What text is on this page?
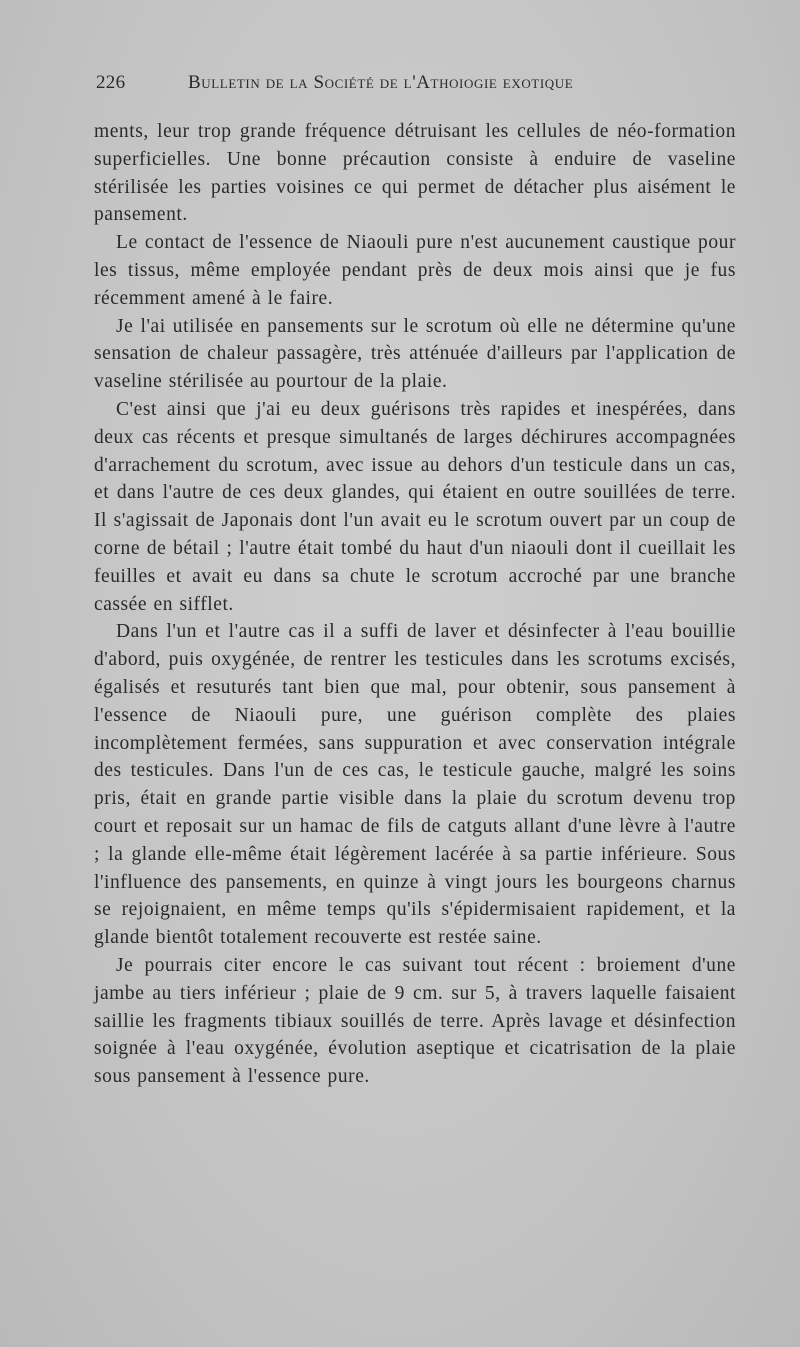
226	Bulletin de la Société de l'Athoiogie exotique

ments, leur trop grande fréquence détruisant les cellules de néo-formation superficielles. Une bonne précaution consiste à enduire de vaseline stérilisée les parties voisines ce qui permet de détacher plus aisément le pansement.

Le contact de l'essence de Niaouli pure n'est aucunement caustique pour les tissus, même employée pendant près de deux mois ainsi que je fus récemment amené à le faire.

Je l'ai utilisée en pansements sur le scrotum où elle ne détermine qu'une sensation de chaleur passagère, très atténuée d'ailleurs par l'application de vaseline stérilisée au pourtour de la plaie.

C'est ainsi que j'ai eu deux guérisons très rapides et inespérées, dans deux cas récents et presque simultanés de larges déchirures accompagnées d'arrachement du scrotum, avec issue au dehors d'un testicule dans un cas, et dans l'autre de ces deux glandes, qui étaient en outre souillées de terre. Il s'agissait de Japonais dont l'un avait eu le scrotum ouvert par un coup de corne de bétail ; l'autre était tombé du haut d'un niaouli dont il cueillait les feuilles et avait eu dans sa chute le scrotum accroché par une branche cassée en sifflet.

Dans l'un et l'autre cas il a suffi de laver et désinfecter à l'eau bouillie d'abord, puis oxygénée, de rentrer les testicules dans les scrotums excisés, égalisés et resuturés tant bien que mal, pour obtenir, sous pansement à l'essence de Niaouli pure, une guérison complète des plaies incomplètement fermées, sans suppuration et avec conservation intégrale des testicules. Dans l'un de ces cas, le testicule gauche, malgré les soins pris, était en grande partie visible dans la plaie du scrotum devenu trop court et reposait sur un hamac de fils de catguts allant d'une lèvre à l'autre ; la glande elle-même était légèrement lacérée à sa partie inférieure. Sous l'influence des pansements, en quinze à vingt jours les bourgeons charnus se rejoignaient, en même temps qu'ils s'épidermisaient rapidement, et la glande bientôt totalement recouverte est restée saine.

Je pourrais citer encore le cas suivant tout récent : broiement d'une jambe au tiers inférieur ; plaie de 9 cm. sur 5, à travers laquelle faisaient saillie les fragments tibiaux souillés de terre. Après lavage et désinfection soignée à l'eau oxygénée, évolution aseptique et cicatrisation de la plaie sous pansement à l'essence pure.
